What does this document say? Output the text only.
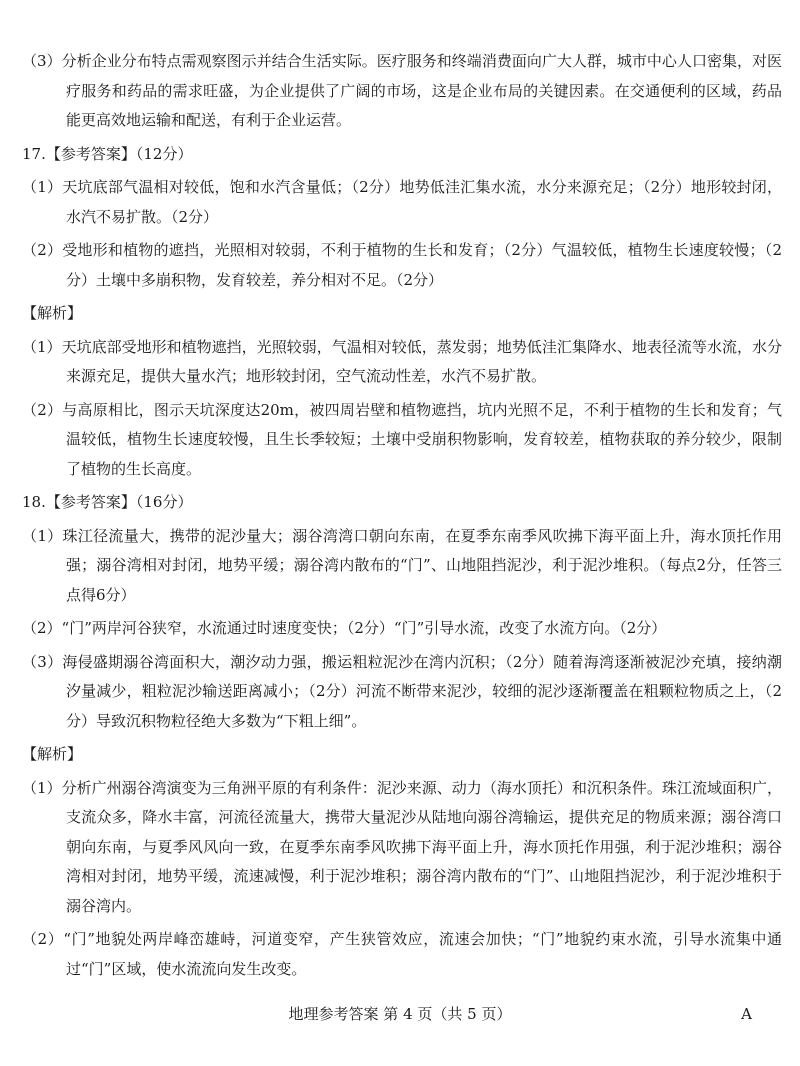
（3）分析企业分布特点需观察图示并结合生活实际。医疗服务和终端消费面向广大人群，城市中心人口密集，对医疗服务和药品的需求旺盛，为企业提供了广阔的市场，这是企业布局的关键因素。在交通便利的区域，药品能更高效地运输和配送，有利于企业运营。

17.【参考答案】（12分）

（1）天坑底部气温相对较低，饱和水汽含量低；（2分）地势低洼汇集水流，水分来源充足；（2分）地形较封闭，水汽不易扩散。（2分）

（2）受地形和植物的遮挡，光照相对较弱，不利于植物的生长和发育；（2分）气温较低，植物生长速度较慢；（2分）土壤中多崩积物，发育较差，养分相对不足。（2分）

【解析】

（1）天坑底部受地形和植物遮挡，光照较弱，气温相对较低，蒸发弱；地势低洼汇集降水、地表径流等水流，水分来源充足，提供大量水汽；地形较封闭，空气流动性差，水汽不易扩散。

（2）与高原相比，图示天坑深度达20m，被四周岩壁和植物遮挡，坑内光照不足，不利于植物的生长和发育；气温较低，植物生长速度较慢，且生长季较短；土壤中受崩积物影响，发育较差，植物获取的养分较少，限制了植物的生长高度。

18.【参考答案】（16分）

（1）珠江径流量大，携带的泥沙量大；溺谷湾湾口朝向东南，在夏季东南季风吹拂下海平面上升，海水顶托作用强；溺谷湾相对封闭，地势平缓；溺谷湾内散布的“门”、山地阻挡泥沙，利于泥沙堆积。（每点2分，任答三点得6分）

（2）“门”两岸河谷狭窄，水流通过时速度变快；（2分）“门”引导水流，改变了水流方向。（2分）

（3）海侵盛期溺谷湾面积大，潮汐动力强，搬运粗粒泥沙在湾内沉积；（2分）随着海湾逐渐被泥沙充填，接纳潮汐量减少，粗粒泥沙输送距离减小；（2分）河流不断带来泥沙，较细的泥沙逐渐覆盖在粗颗粒物质之上，（2分）导致沉积物粒径绝大多数为“下粗上细”。

【解析】

（1）分析广州溺谷湾演变为三角洲平原的有利条件：泥沙来源、动力（海水顶托）和沉积条件。珠江流域面积广，支流众多，降水丰富，河流径流量大，携带大量泥沙从陆地向溺谷湾输运，提供充足的物质来源；溺谷湾口朝向东南，与夏季风风向一致，在夏季东南季风吹拂下海平面上升，海水顶托作用强，利于泥沙堆积；溺谷湾相对封闭，地势平缓，流速减慢，利于泥沙堆积；溺谷湾内散布的“门”、山地阻挡泥沙，利于泥沙堆积于溺谷湾内。

（2）“门”地貌处两岸峰峦雄峙，河道变窄，产生狭管效应，流速会加快；“门”地貌约束水流，引导水流集中通过“门”区域，使水流流向发生改变。

地理参考答案 第 4 页（共 5 页）	A
